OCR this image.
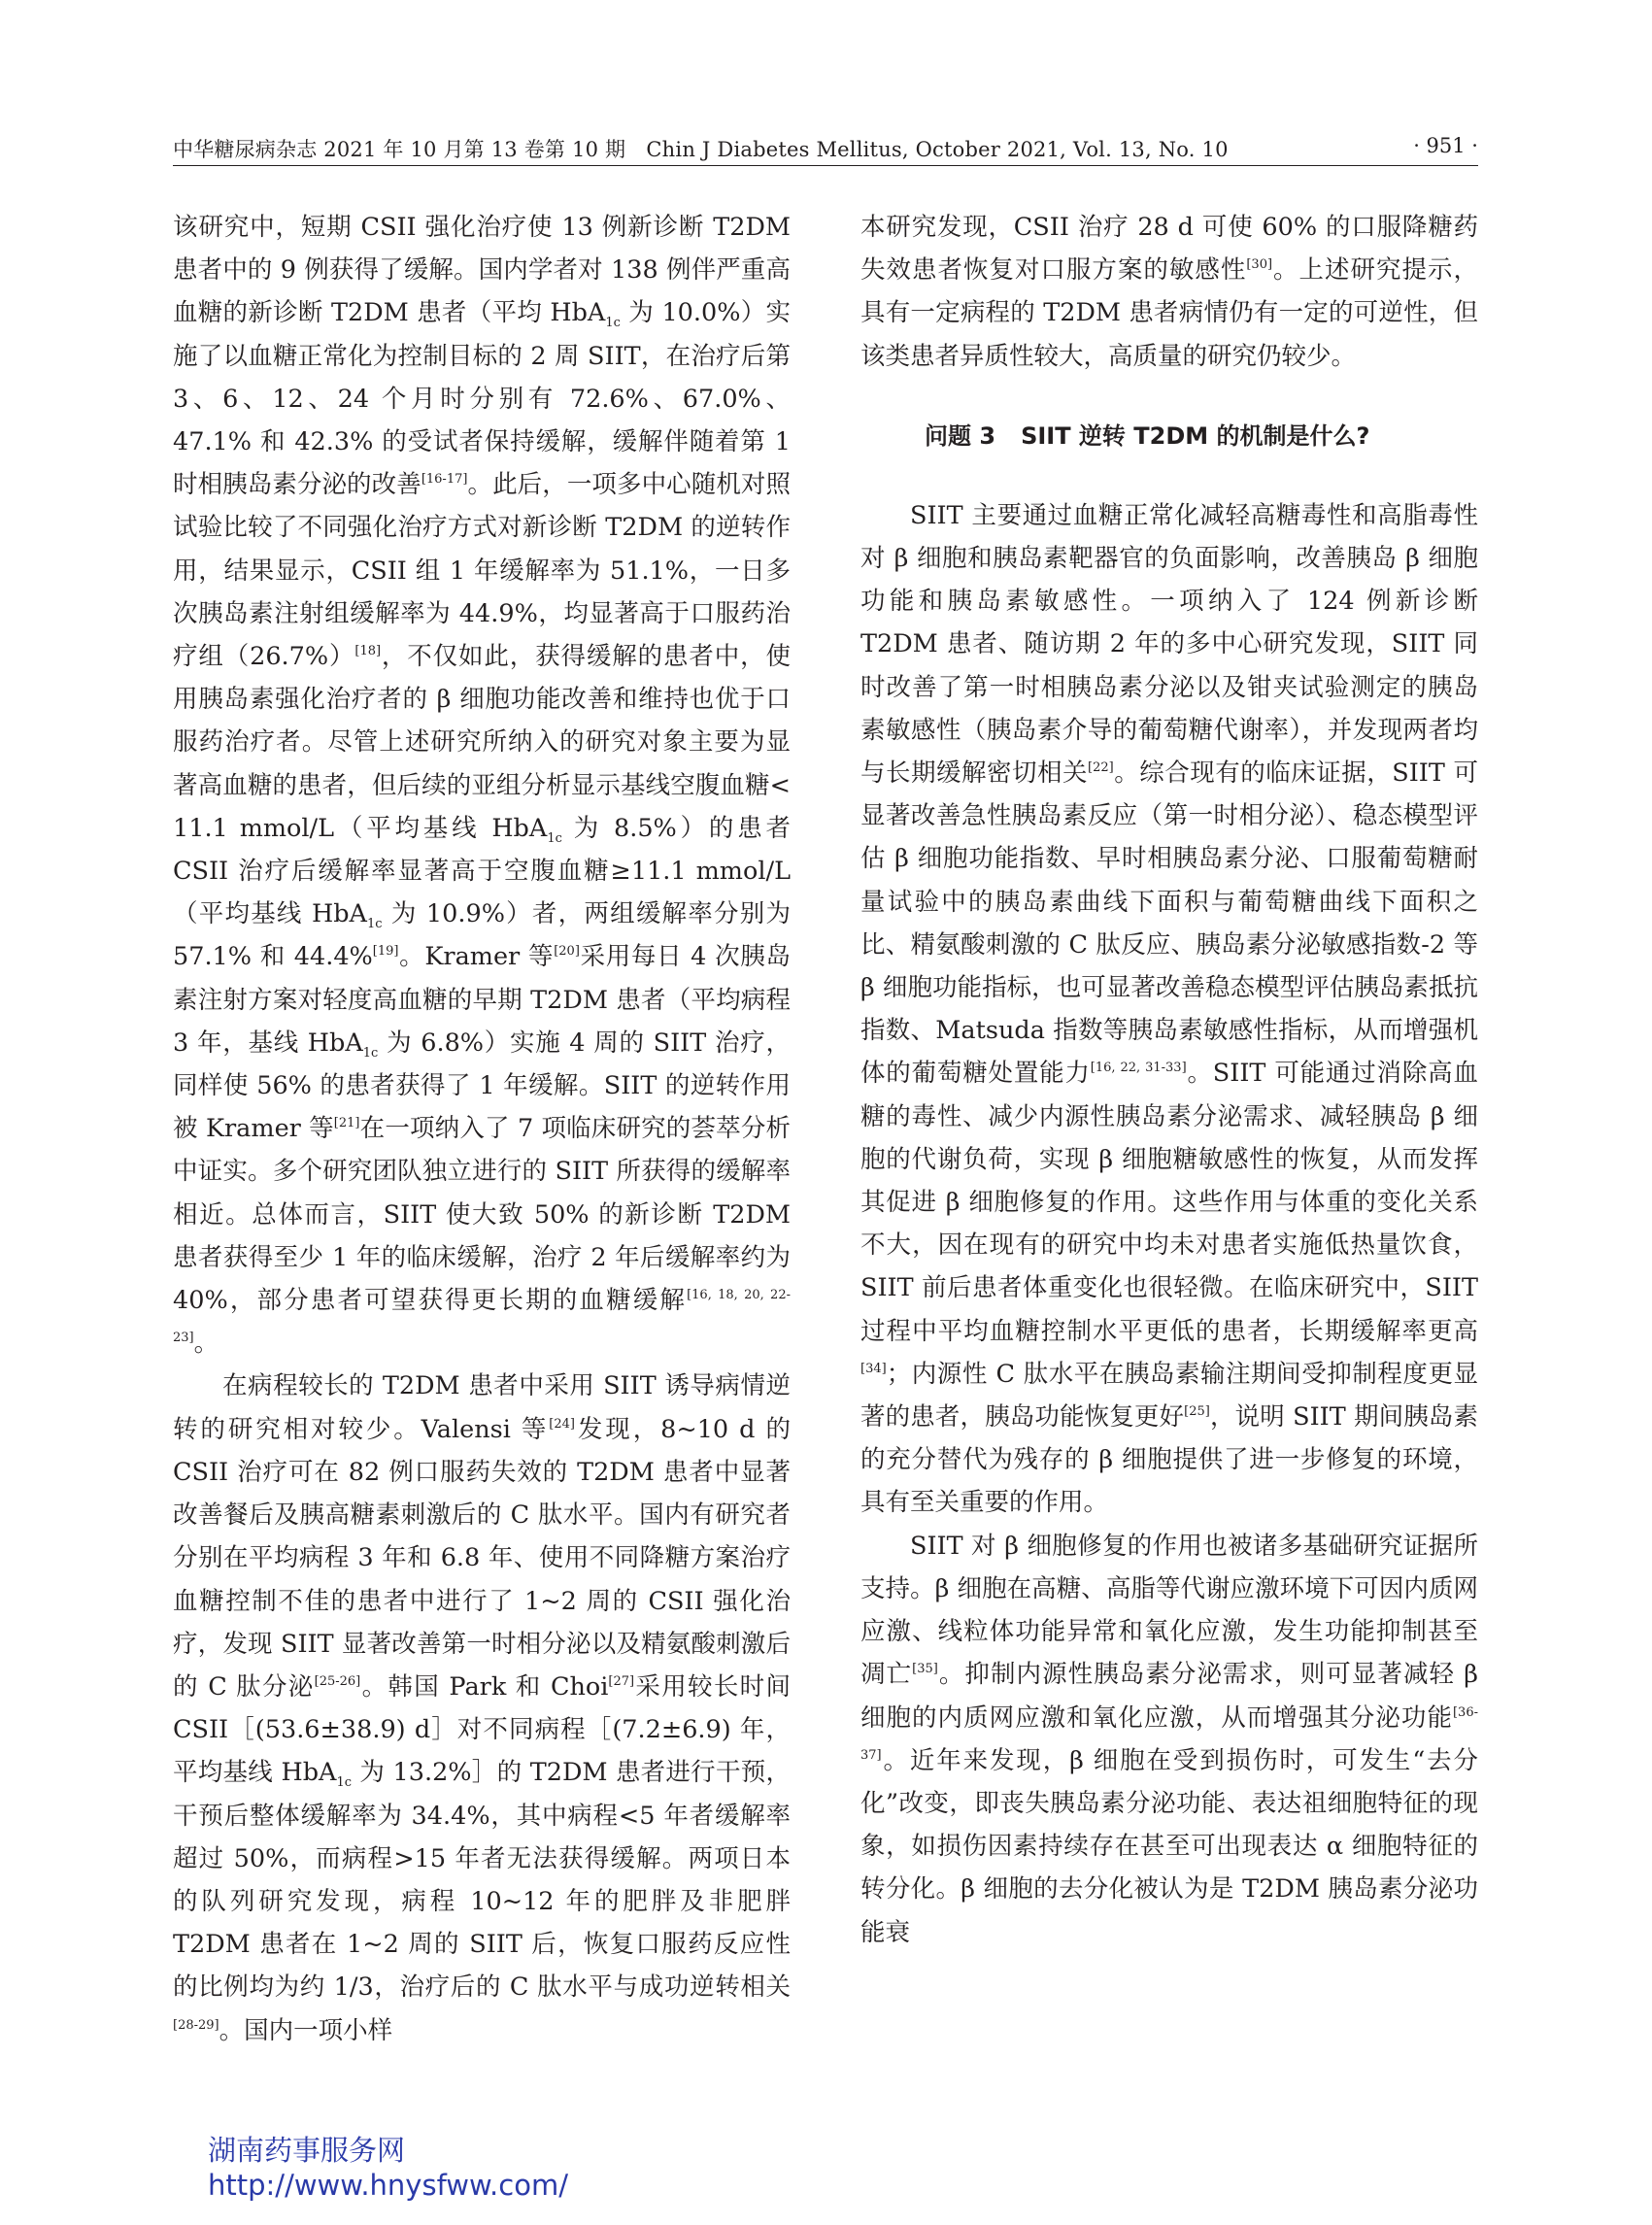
中华糖尿病杂志 2021 年 10 月第 13 卷第 10 期　Chin J Diabetes Mellitus, October 2021, Vol. 13, No. 10	· 951 ·

该研究中，短期 CSII 强化治疗使 13 例新诊断 T2DM 患者中的 9 例获得了缓解。国内学者对 138 例伴严重高血糖的新诊断 T2DM 患者（平均 HbA$_{1c}$ 为 10.0%）实施了以血糖正常化为控制目标的 2 周 SIIT，在治疗后第 3、6、12、24 个月时分别有 72.6%、67.0%、47.1% 和 42.3% 的受试者保持缓解，缓解伴随着第 1 时相胰岛素分泌的改善[16-17]。此后，一项多中心随机对照试验比较了不同强化治疗方式对新诊断 T2DM 的逆转作用，结果显示，CSII 组 1 年缓解率为 51.1%，一日多次胰岛素注射组缓解率为 44.9%，均显著高于口服药治疗组（26.7%）[18]，不仅如此，获得缓解的患者中，使用胰岛素强化治疗者的 β 细胞功能改善和维持也优于口服药治疗者。尽管上述研究所纳入的研究对象主要为显著高血糖的患者，但后续的亚组分析显示基线空腹血糖< 11.1 mmol/L（平均基线 HbA$_{1c}$ 为 8.5%）的患者 CSII 治疗后缓解率显著高于空腹血糖≥11.1 mmol/L（平均基线 HbA$_{1c}$ 为 10.9%）者，两组缓解率分别为 57.1% 和 44.4%[19]。Kramer 等[20]采用每日 4 次胰岛素注射方案对轻度高血糖的早期 T2DM 患者（平均病程 3 年，基线 HbA$_{1c}$ 为 6.8%）实施 4 周的 SIIT 治疗，同样使 56% 的患者获得了 1 年缓解。SIIT 的逆转作用被 Kramer 等[21]在一项纳入了 7 项临床研究的荟萃分析中证实。多个研究团队独立进行的 SIIT 所获得的缓解率相近。总体而言，SIIT 使大致 50% 的新诊断 T2DM 患者获得至少 1 年的临床缓解，治疗 2 年后缓解率约为 40%，部分患者可望获得更长期的血糖缓解[16, 18, 20, 22-23]。

在病程较长的 T2DM 患者中采用 SIIT 诱导病情逆转的研究相对较少。Valensi 等[24]发现，8~10 d 的 CSII 治疗可在 82 例口服药失效的 T2DM 患者中显著改善餐后及胰高糖素刺激后的 C 肽水平。国内有研究者分别在平均病程 3 年和 6.8 年、使用不同降糖方案治疗血糖控制不佳的患者中进行了 1~2 周的 CSII 强化治疗，发现 SIIT 显著改善第一时相分泌以及精氨酸刺激后的 C 肽分泌[25-26]。韩国 Park 和 Choi[27]采用较长时间 CSII［(53.6±38.9) d］对不同病程［(7.2±6.9) 年，平均基线 HbA$_{1c}$ 为 13.2%］的 T2DM 患者进行干预，干预后整体缓解率为 34.4%，其中病程<5 年者缓解率超过 50%，而病程>15 年者无法获得缓解。两项日本的队列研究发现，病程 10~12 年的肥胖及非肥胖 T2DM 患者在 1~2 周的 SIIT 后，恢复口服药反应性的比例均为约 1/3，治疗后的 C 肽水平与成功逆转相关[28-29]。国内一项小样

本研究发现，CSII 治疗 28 d 可使 60% 的口服降糖药失效患者恢复对口服方案的敏感性[30]。上述研究提示，具有一定病程的 T2DM 患者病情仍有一定的可逆性，但该类患者异质性较大，高质量的研究仍较少。

问题 3 SIIT 逆转 T2DM 的机制是什么?

SIIT 主要通过血糖正常化减轻高糖毒性和高脂毒性对 β 细胞和胰岛素靶器官的负面影响，改善胰岛 β 细胞功能和胰岛素敏感性。一项纳入了 124 例新诊断 T2DM 患者、随访期 2 年的多中心研究发现，SIIT 同时改善了第一时相胰岛素分泌以及钳夹试验测定的胰岛素敏感性（胰岛素介导的葡萄糖代谢率），并发现两者均与长期缓解密切相关[22]。综合现有的临床证据，SIIT 可显著改善急性胰岛素反应（第一时相分泌）、稳态模型评估 β 细胞功能指数、早时相胰岛素分泌、口服葡萄糖耐量试验中的胰岛素曲线下面积与葡萄糖曲线下面积之比、精氨酸刺激的 C 肽反应、胰岛素分泌敏感指数-2 等 β 细胞功能指标，也可显著改善稳态模型评估胰岛素抵抗指数、Matsuda 指数等胰岛素敏感性指标，从而增强机体的葡萄糖处置能力[16, 22, 31-33]。SIIT 可能通过消除高血糖的毒性、减少内源性胰岛素分泌需求、减轻胰岛 β 细胞的代谢负荷，实现 β 细胞糖敏感性的恢复，从而发挥其促进 β 细胞修复的作用。这些作用与体重的变化关系不大，因在现有的研究中均未对患者实施低热量饮食，SIIT 前后患者体重变化也很轻微。在临床研究中，SIIT 过程中平均血糖控制水平更低的患者，长期缓解率更高[34]；内源性 C 肽水平在胰岛素输注期间受抑制程度更显著的患者，胰岛功能恢复更好[25]，说明 SIIT 期间胰岛素的充分替代为残存的 β 细胞提供了进一步修复的环境，具有至关重要的作用。

SIIT 对 β 细胞修复的作用也被诸多基础研究证据所支持。β 细胞在高糖、高脂等代谢应激环境下可因内质网应激、线粒体功能异常和氧化应激，发生功能抑制甚至凋亡[35]。抑制内源性胰岛素分泌需求，则可显著减轻 β 细胞的内质网应激和氧化应激，从而增强其分泌功能[36-37]。近年来发现，β 细胞在受到损伤时，可发生“去分化”改变，即丧失胰岛素分泌功能、表达祖细胞特征的现象，如损伤因素持续存在甚至可出现表达 α 细胞特征的转分化。β 细胞的去分化被认为是 T2DM 胰岛素分泌功能衰

湖南药事服务网
http://www.hnysfww.com/
